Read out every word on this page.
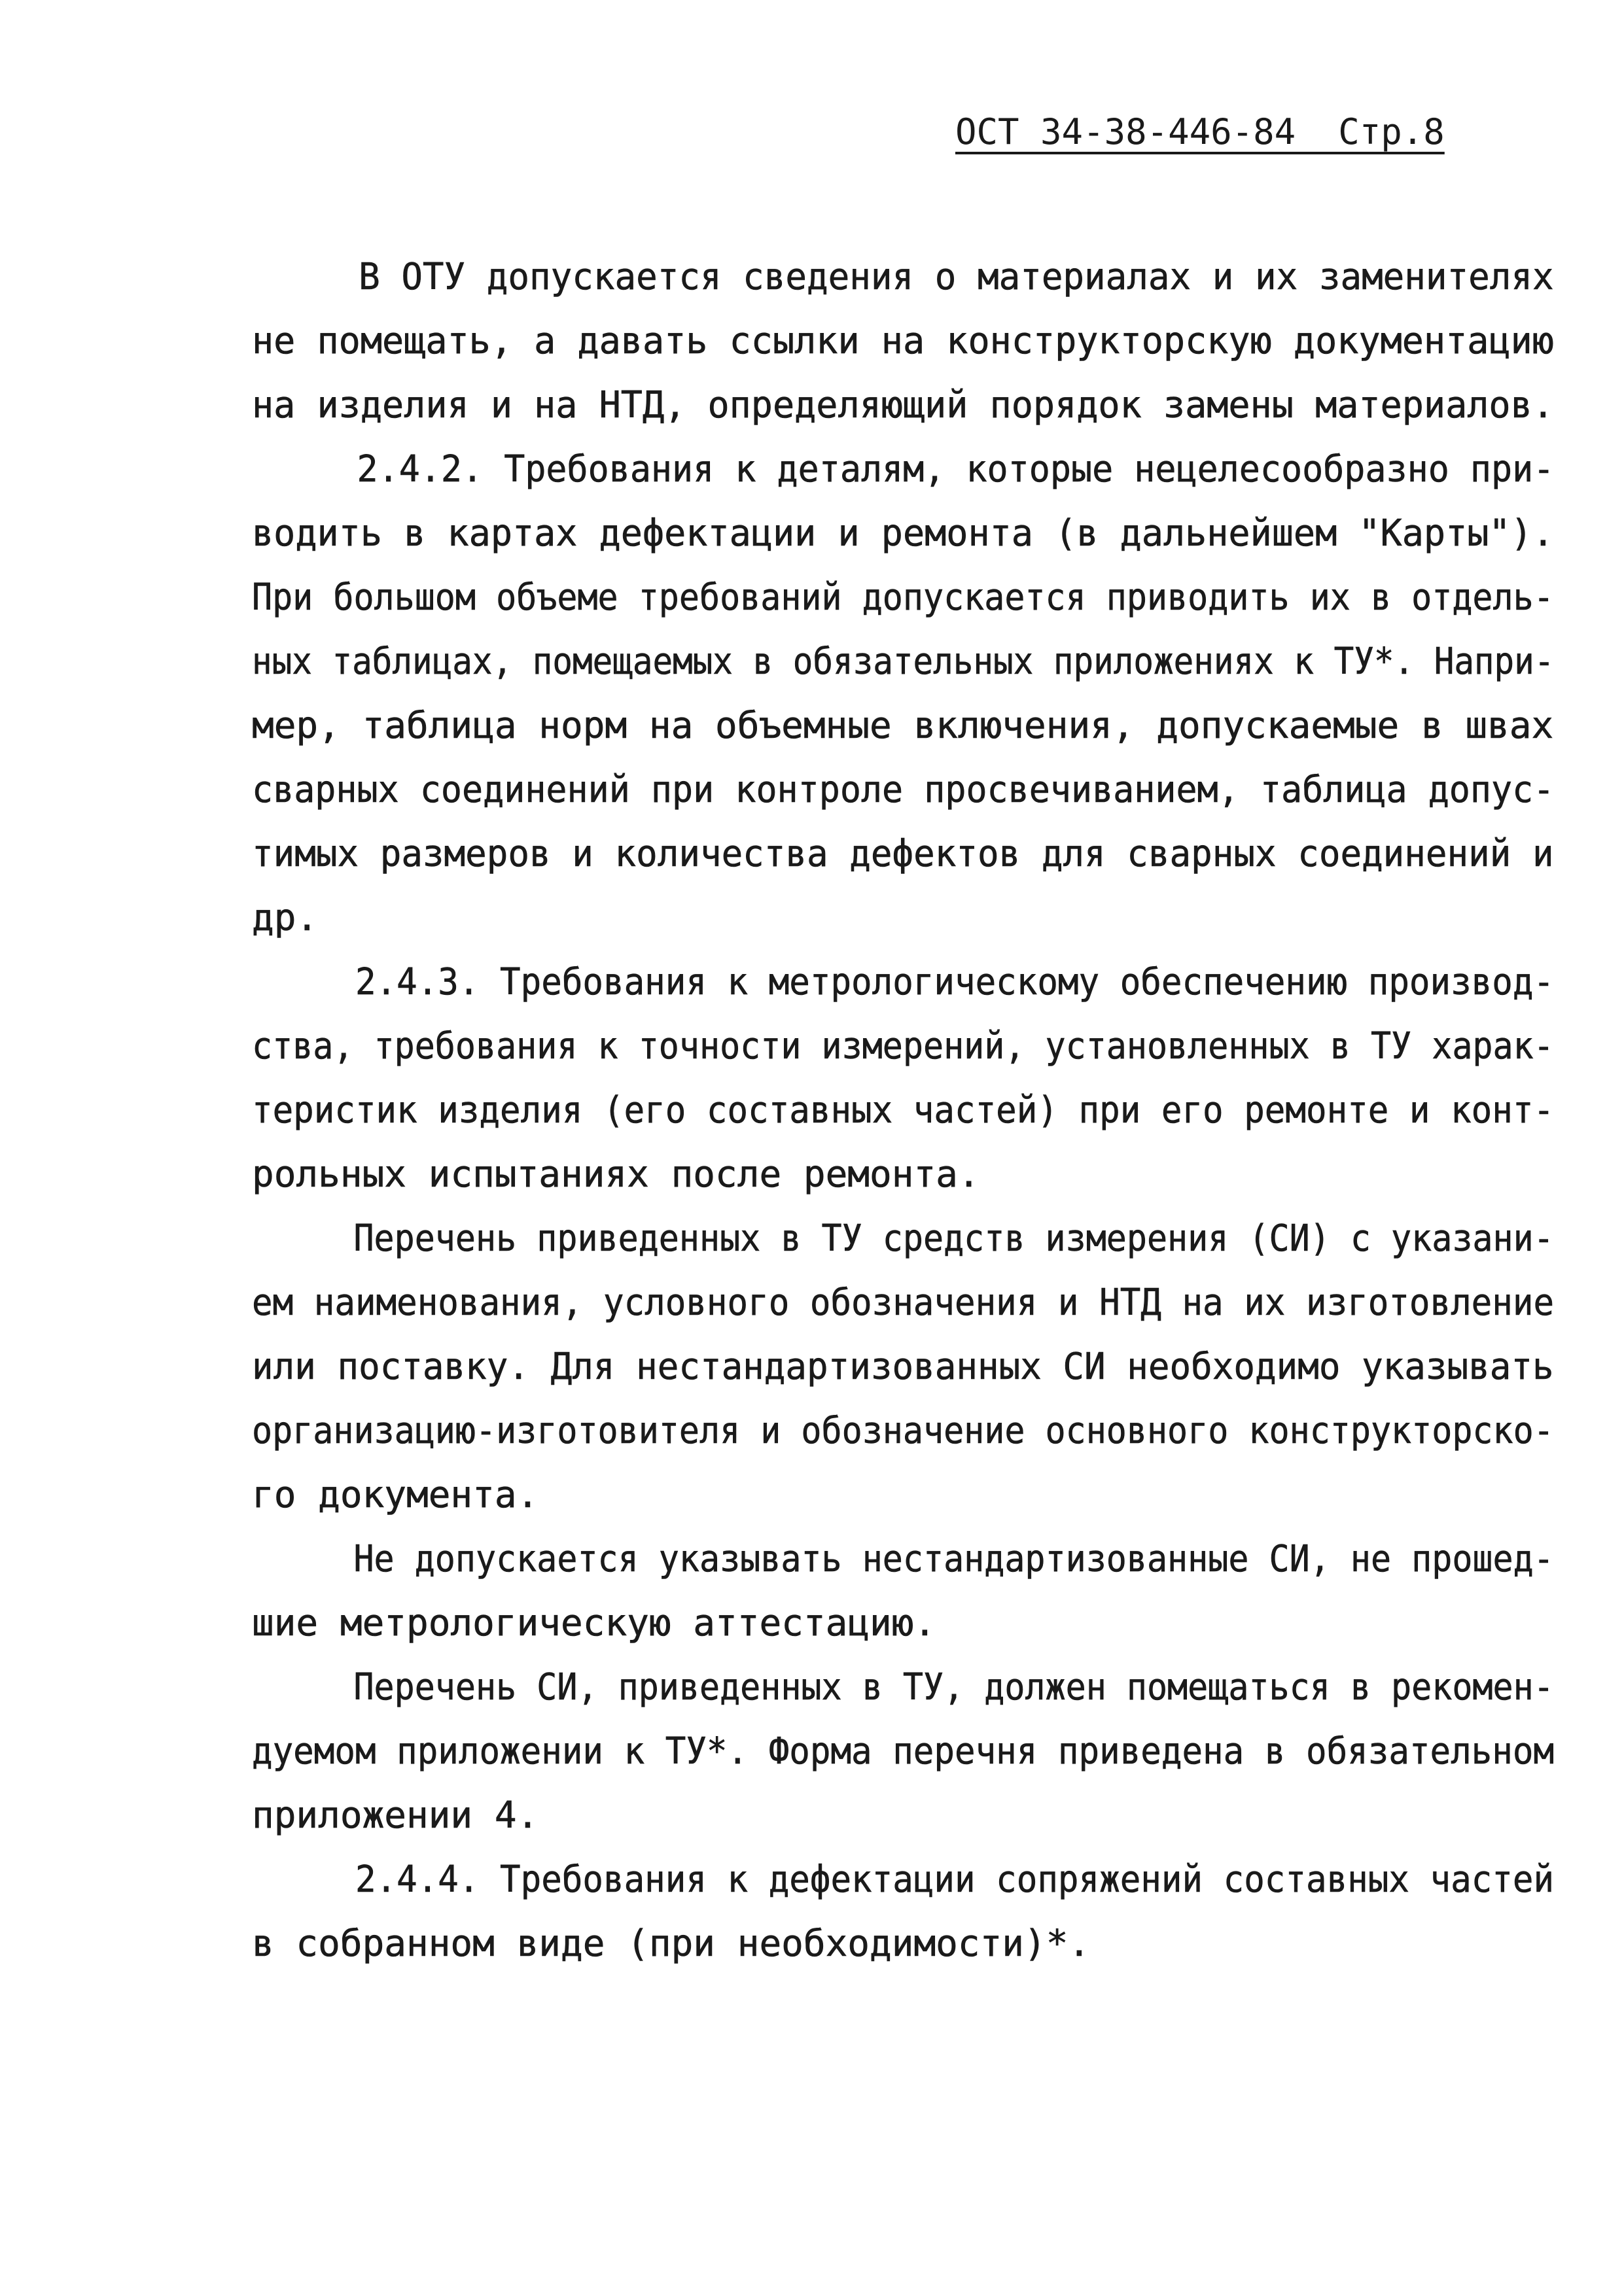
ОСТ 34-38-446-84  Стр.8
В ОТУ допускается сведения о материалах и их заменителях
не помещать, а давать ссылки на конструкторскую документацию
на изделия и на НТД, определяющий порядок замены материалов.
2.4.2. Требования к деталям, которые нецелесообразно при-
водить в картах дефектации и ремонта (в дальнейшем "Карты").
При большом объеме требований допускается приводить их в отдель-
ных таблицах, помещаемых в обязательных приложениях к ТУ*. Напри-
мер, таблица норм на объемные включения, допускаемые в швах
сварных соединений при контроле просвечиванием, таблица допус-
тимых размеров и количества дефектов для сварных соединений и
др.
2.4.3. Требования к метрологическому обеспечению производ-
ства, требования к точности измерений, установленных в ТУ харак-
теристик изделия (его составных частей) при его ремонте и конт-
рольных испытаниях после ремонта.
Перечень приведенных в ТУ средств измерения (СИ) с указани-
ем наименования, условного обозначения и НТД на их изготовление
или поставку. Для нестандартизованных СИ необходимо указывать
организацию-изготовителя и обозначение основного конструкторско-
го документа.
Не допускается указывать нестандартизованные СИ, не прошед-
шие метрологическую аттестацию.
Перечень СИ, приведенных в ТУ, должен помещаться в рекомен-
дуемом приложении к ТУ*. Форма перечня приведена в обязательном
приложении 4.
2.4.4. Требования к дефектации сопряжений составных частей
в собранном виде (при необходимости)*.
